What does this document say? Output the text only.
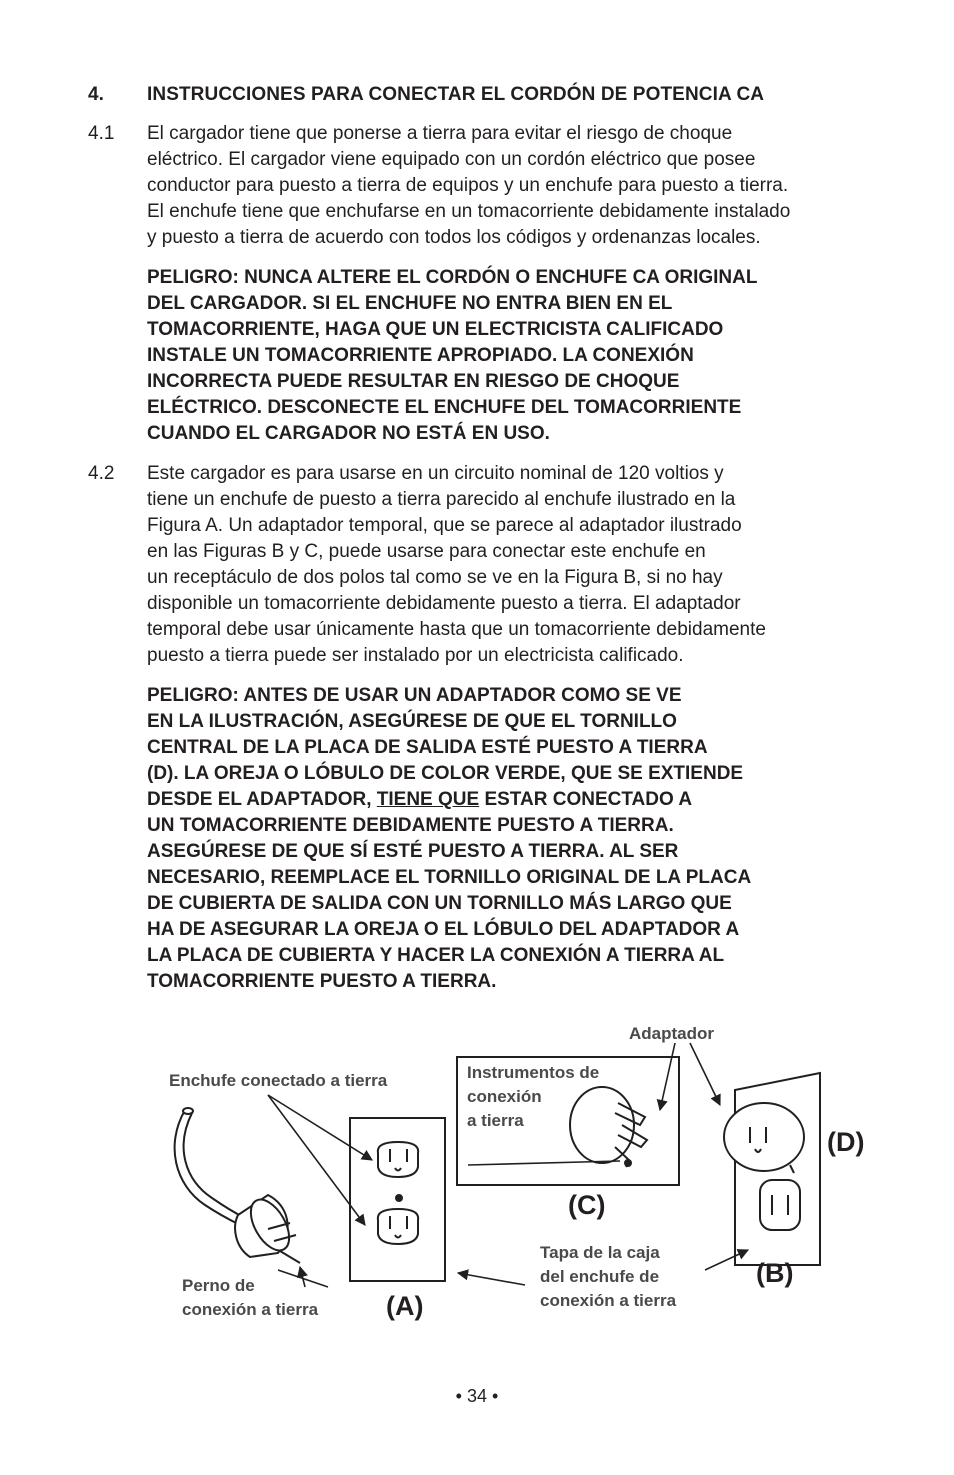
4. INSTRUCCIONES PARA CONECTAR EL CORDÓN DE POTENCIA CA
4.1 El cargador tiene que ponerse a tierra para evitar el riesgo de choque
eléctrico. El cargador viene equipado con un cordón eléctrico que posee
conductor para puesto a tierra de equipos y un enchufe para puesto a tierra.
El enchufe tiene que enchufarse en un tomacorriente debidamente instalado
y puesto a tierra de acuerdo con todos los códigos y ordenanzas locales.
PELIGRO: NUNCA ALTERE EL CORDÓN O ENCHUFE CA ORIGINAL
DEL CARGADOR. SI EL ENCHUFE NO ENTRA BIEN EN EL
TOMACORRIENTE, HAGA QUE UN ELECTRICISTA CALIFICADO
INSTALE UN TOMACORRIENTE APROPIADO. LA CONEXIÓN
INCORRECTA PUEDE RESULTAR EN RIESGO DE CHOQUE
ELÉCTRICO. DESCONECTE EL ENCHUFE DEL TOMACORRIENTE
CUANDO EL CARGADOR NO ESTÁ EN USO.
4.2 Este cargador es para usarse en un circuito nominal de 120 voltios y
tiene un enchufe de puesto a tierra parecido al enchufe ilustrado en la
Figura A. Un adaptador temporal, que se parece al adaptador ilustrado
en las Figuras B y C, puede usarse para conectar este enchufe en
un receptáculo de dos polos tal como se ve en la Figura B, si no hay
disponible un tomacorriente debidamente puesto a tierra. El adaptador
temporal debe usar únicamente hasta que un tomacorriente debidamente
puesto a tierra puede ser instalado por un electricista calificado.
PELIGRO: ANTES DE USAR UN ADAPTADOR COMO SE VE
EN LA ILUSTRACIÓN, ASEGÚRESE DE QUE EL TORNILLO
CENTRAL DE LA PLACA DE SALIDA ESTÉ PUESTO A TIERRA
(D). LA OREJA O LÓBULO DE COLOR VERDE, QUE SE EXTIENDE
DESDE EL ADAPTADOR, TIENE QUE ESTAR CONECTADO A
UN TOMACORRIENTE DEBIDAMENTE PUESTO A TIERRA.
ASEGÚRESE DE QUE SÍ ESTÉ PUESTO A TIERRA. AL SER
NECESARIO, REEMPLACE EL TORNILLO ORIGINAL DE LA PLACA
DE CUBIERTA DE SALIDA CON UN TORNILLO MÁS LARGO QUE
HA DE ASEGURAR LA OREJA O EL LÓBULO DEL ADAPTADOR A
LA PLACA DE CUBIERTA Y HACER LA CONEXIÓN A TIERRA AL
TOMACORRIENTE PUESTO A TIERRA.
Enchufe conectado a tierra
Perno de
conexión a tierra
Instrumentos de
conexión
a tierra
Adaptador
Tapa de la caja
del enchufe de
conexión a tierra
(A)
(B)
(C)
(D)
• 34 •
